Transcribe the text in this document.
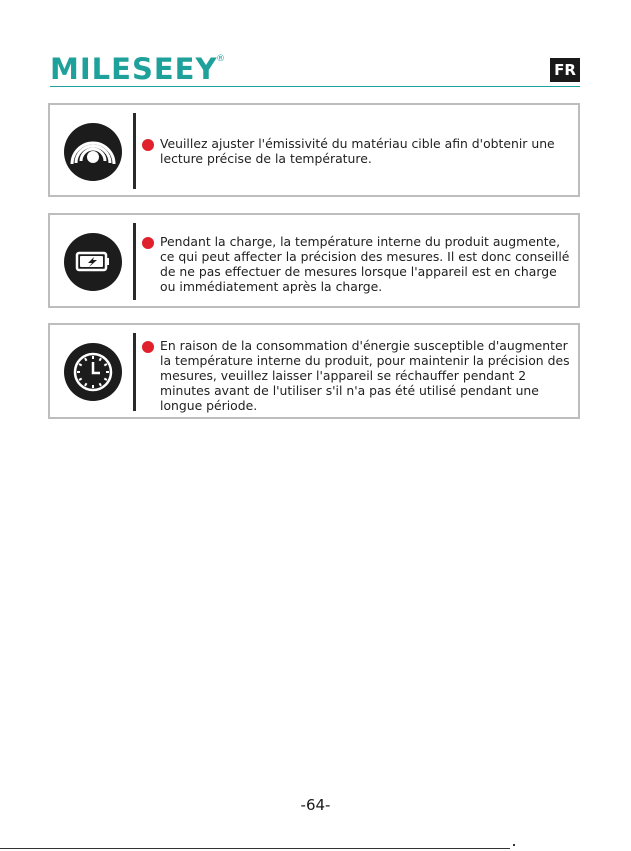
MILESEEY
®
FR
Veuillez ajuster l'émissivité du matériau cible afin d'obtenir une lecture précise de la température.
Pendant la charge, la température interne du produit augmente, ce qui peut affecter la précision des mesures. Il est donc conseillé de ne pas effectuer de mesures lorsque l'appareil est en charge ou immédiatement après la charge.
En raison de la consommation d'énergie susceptible d'augmenter la température interne du produit, pour maintenir la précision des mesures, veuillez laisser l'appareil se réchauffer pendant 2 minutes avant de l'utiliser s'il n'a pas été utilisé pendant une longue période.
-64-
